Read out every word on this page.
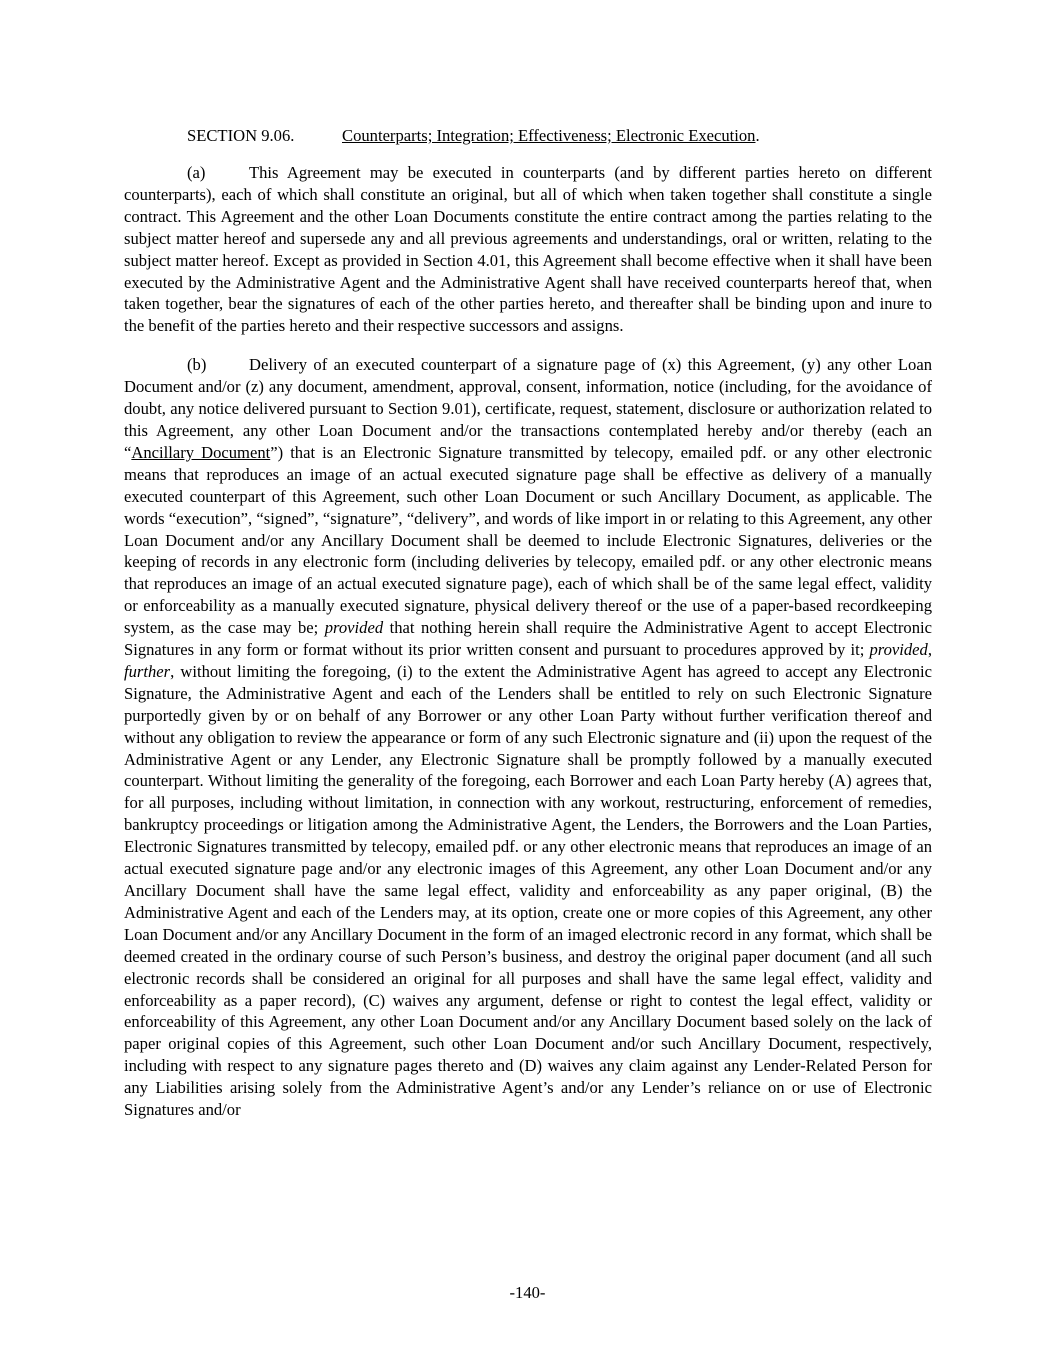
SECTION 9.06.	Counterparts; Integration; Effectiveness; Electronic Execution.

(a)	This Agreement may be executed in counterparts (and by different parties hereto on different counterparts), each of which shall constitute an original, but all of which when taken together shall constitute a single contract. This Agreement and the other Loan Documents constitute the entire contract among the parties relating to the subject matter hereof and supersede any and all previous agreements and understandings, oral or written, relating to the subject matter hereof. Except as provided in Section 4.01, this Agreement shall become effective when it shall have been executed by the Administrative Agent and the Administrative Agent shall have received counterparts hereof that, when taken together, bear the signatures of each of the other parties hereto, and thereafter shall be binding upon and inure to the benefit of the parties hereto and their respective successors and assigns.

(b)	Delivery of an executed counterpart of a signature page of (x) this Agreement, (y) any other Loan Document and/or (z) any document, amendment, approval, consent, information, notice (including, for the avoidance of doubt, any notice delivered pursuant to Section 9.01), certificate, request, statement, disclosure or authorization related to this Agreement, any other Loan Document and/or the transactions contemplated hereby and/or thereby (each an “Ancillary Document”) that is an Electronic Signature transmitted by telecopy, emailed pdf. or any other electronic means that reproduces an image of an actual executed signature page shall be effective as delivery of a manually executed counterpart of this Agreement, such other Loan Document or such Ancillary Document, as applicable. The words “execution”, “signed”, “signature”, “delivery”, and words of like import in or relating to this Agreement, any other Loan Document and/or any Ancillary Document shall be deemed to include Electronic Signatures, deliveries or the keeping of records in any electronic form (including deliveries by telecopy, emailed pdf. or any other electronic means that reproduces an image of an actual executed signature page), each of which shall be of the same legal effect, validity or enforceability as a manually executed signature, physical delivery thereof or the use of a paper-based recordkeeping system, as the case may be; provided that nothing herein shall require the Administrative Agent to accept Electronic Signatures in any form or format without its prior written consent and pursuant to procedures approved by it; provided, further, without limiting the foregoing, (i) to the extent the Administrative Agent has agreed to accept any Electronic Signature, the Administrative Agent and each of the Lenders shall be entitled to rely on such Electronic Signature purportedly given by or on behalf of any Borrower or any other Loan Party without further verification thereof and without any obligation to review the appearance or form of any such Electronic signature and (ii) upon the request of the Administrative Agent or any Lender, any Electronic Signature shall be promptly followed by a manually executed counterpart. Without limiting the generality of the foregoing, each Borrower and each Loan Party hereby (A) agrees that, for all purposes, including without limitation, in connection with any workout, restructuring, enforcement of remedies, bankruptcy proceedings or litigation among the Administrative Agent, the Lenders, the Borrowers and the Loan Parties, Electronic Signatures transmitted by telecopy, emailed pdf. or any other electronic means that reproduces an image of an actual executed signature page and/or any electronic images of this Agreement, any other Loan Document and/or any Ancillary Document shall have the same legal effect, validity and enforceability as any paper original, (B) the Administrative Agent and each of the Lenders may, at its option, create one or more copies of this Agreement, any other Loan Document and/or any Ancillary Document in the form of an imaged electronic record in any format, which shall be deemed created in the ordinary course of such Person’s business, and destroy the original paper document (and all such electronic records shall be considered an original for all purposes and shall have the same legal effect, validity and enforceability as a paper record), (C) waives any argument, defense or right to contest the legal effect, validity or enforceability of this Agreement, any other Loan Document and/or any Ancillary Document based solely on the lack of paper original copies of this Agreement, such other Loan Document and/or such Ancillary Document, respectively, including with respect to any signature pages thereto and (D) waives any claim against any Lender-Related Person for any Liabilities arising solely from the Administrative Agent’s and/or any Lender’s reliance on or use of Electronic Signatures and/or

-140-
